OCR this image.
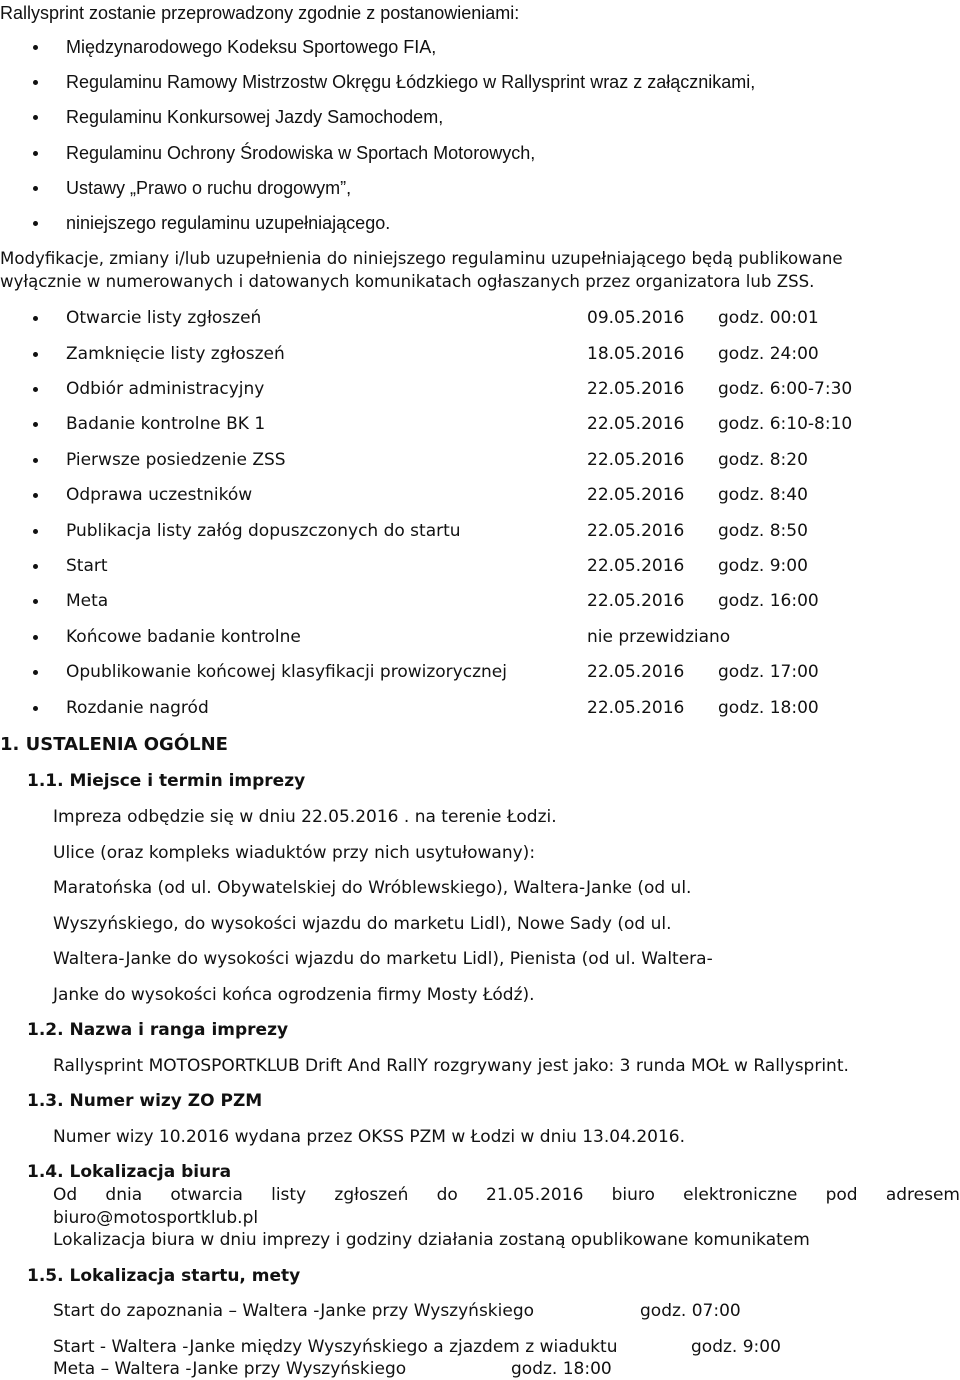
Rallysprint zostanie przeprowadzony zgodnie z postanowieniami:
Międzynarodowego Kodeksu Sportowego FIA,
Regulaminu Ramowy Mistrzostw Okręgu Łódzkiego w Rallysprint wraz z załącznikami,
Regulaminu Konkursowej Jazdy Samochodem,
Regulaminu Ochrony Środowiska w Sportach Motorowych,
Ustawy „Prawo o ruchu drogowym”,
niniejszego regulaminu uzupełniającego.
Modyfikacje, zmiany i/lub uzupełnienia do niniejszego regulaminu uzupełniającego będą publikowane
wyłącznie w numerowanych i datowanych komunikatach ogłaszanych przez organizatora lub ZSS.
Otwarcie listy zgłoszeń	09.05.2016 godz. 00:01
Zamknięcie listy zgłoszeń	18.05.2016 godz. 24:00
Odbiór administracyjny	22.05.2016 godz. 6:00-7:30
Badanie kontrolne BK 1	22.05.2016 godz. 6:10-8:10
Pierwsze posiedzenie ZSS	22.05.2016 godz. 8:20
Odprawa uczestników	22.05.2016 godz. 8:40
Publikacja listy załóg dopuszczonych do startu	22.05.2016 godz. 8:50
Start	22.05.2016 godz. 9:00
Meta	22.05.2016 godz. 16:00
Końcowe badanie kontrolne	nie przewidziano
Opublikowanie końcowej klasyfikacji prowizorycznej	22.05.2016 godz. 17:00
Rozdanie nagród	22.05.2016 godz. 18:00
1. USTALENIA OGÓLNE
1.1. Miejsce i termin imprezy
Impreza odbędzie się w dniu 22.05.2016 . na terenie Łodzi.
Ulice (oraz kompleks wiaduktów przy nich usytułowany):
Maratońska (od ul. Obywatelskiej do Wróblewskiego), Waltera-Janke (od ul.
Wyszyńskiego, do wysokości wjazdu do marketu Lidl), Nowe Sady (od ul.
Waltera-Janke do wysokości wjazdu do marketu Lidl), Pienista (od ul. Waltera-
Janke do wysokości końca ogrodzenia firmy Mosty Łódź).
1.2. Nazwa i ranga imprezy
Rallysprint MOTOSPORTKLUB Drift And RallY rozgrywany jest jako: 3 runda MOŁ w Rallysprint.
1.3. Numer wizy ZO PZM
Numer wizy 10.2016 wydana przez OKSS PZM w Łodzi w dniu 13.04.2016.
1.4. Lokalizacja biura
Od dnia otwarcia listy zgłoszeń do 21.05.2016 biuro elektroniczne pod adresem
biuro@motosportklub.pl
Lokalizacja biura w dniu imprezy i godziny działania zostaną opublikowane komunikatem
1.5. Lokalizacja startu, mety
Start do zapoznania – Waltera -Janke przy Wyszyńskiego	godz. 07:00
Start - Waltera -Janke między Wyszyńskiego a zjazdem z wiaduktu	godz. 9:00
Meta – Waltera -Janke przy Wyszyńskiego	godz. 18:00
